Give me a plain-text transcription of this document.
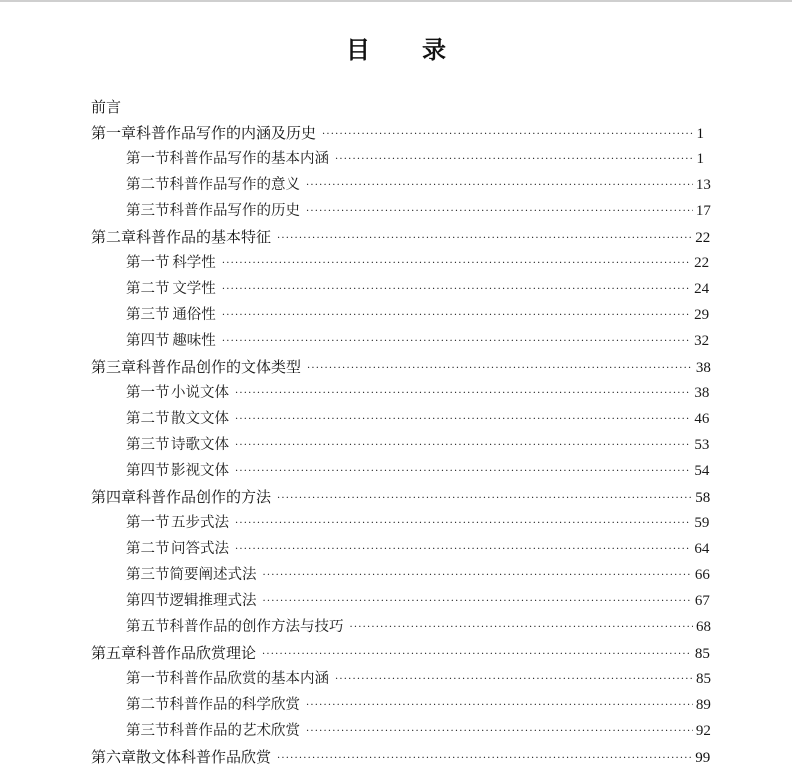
目 录
前言
第一章 科普作品写作的内涵及历史 ·····	1
第一节 科普作品写作的基本内涵 ·····	1
第二节 科普作品写作的意义 ·····	13
第三节 科普作品写作的历史 ·····	17
第二章 科普作品的基本特征 ·····	22
第一节 科学性 ·····	22
第二节 文学性 ·····	24
第三节 通俗性 ·····	29
第四节 趣味性 ·····	32
第三章 科普作品创作的文体类型 ·····	38
第一节 小说文体 ·····	38
第二节 散文文体 ·····	46
第三节 诗歌文体 ·····	53
第四节 影视文体 ·····	54
第四章 科普作品创作的方法 ·····	58
第一节 五步式法 ·····	59
第二节 问答式法 ·····	64
第三节 简要阐述式法 ·····	66
第四节 逻辑推理式法 ·····	67
第五节 科普作品的创作方法与技巧 ·····	68
第五章 科普作品欣赏理论 ·····	85
第一节 科普作品欣赏的基本内涵 ·····	85
第二节 科普作品的科学欣赏 ·····	89
第三节 科普作品的艺术欣赏 ·····	92
第六章 散文体科普作品欣赏 ·····	99
